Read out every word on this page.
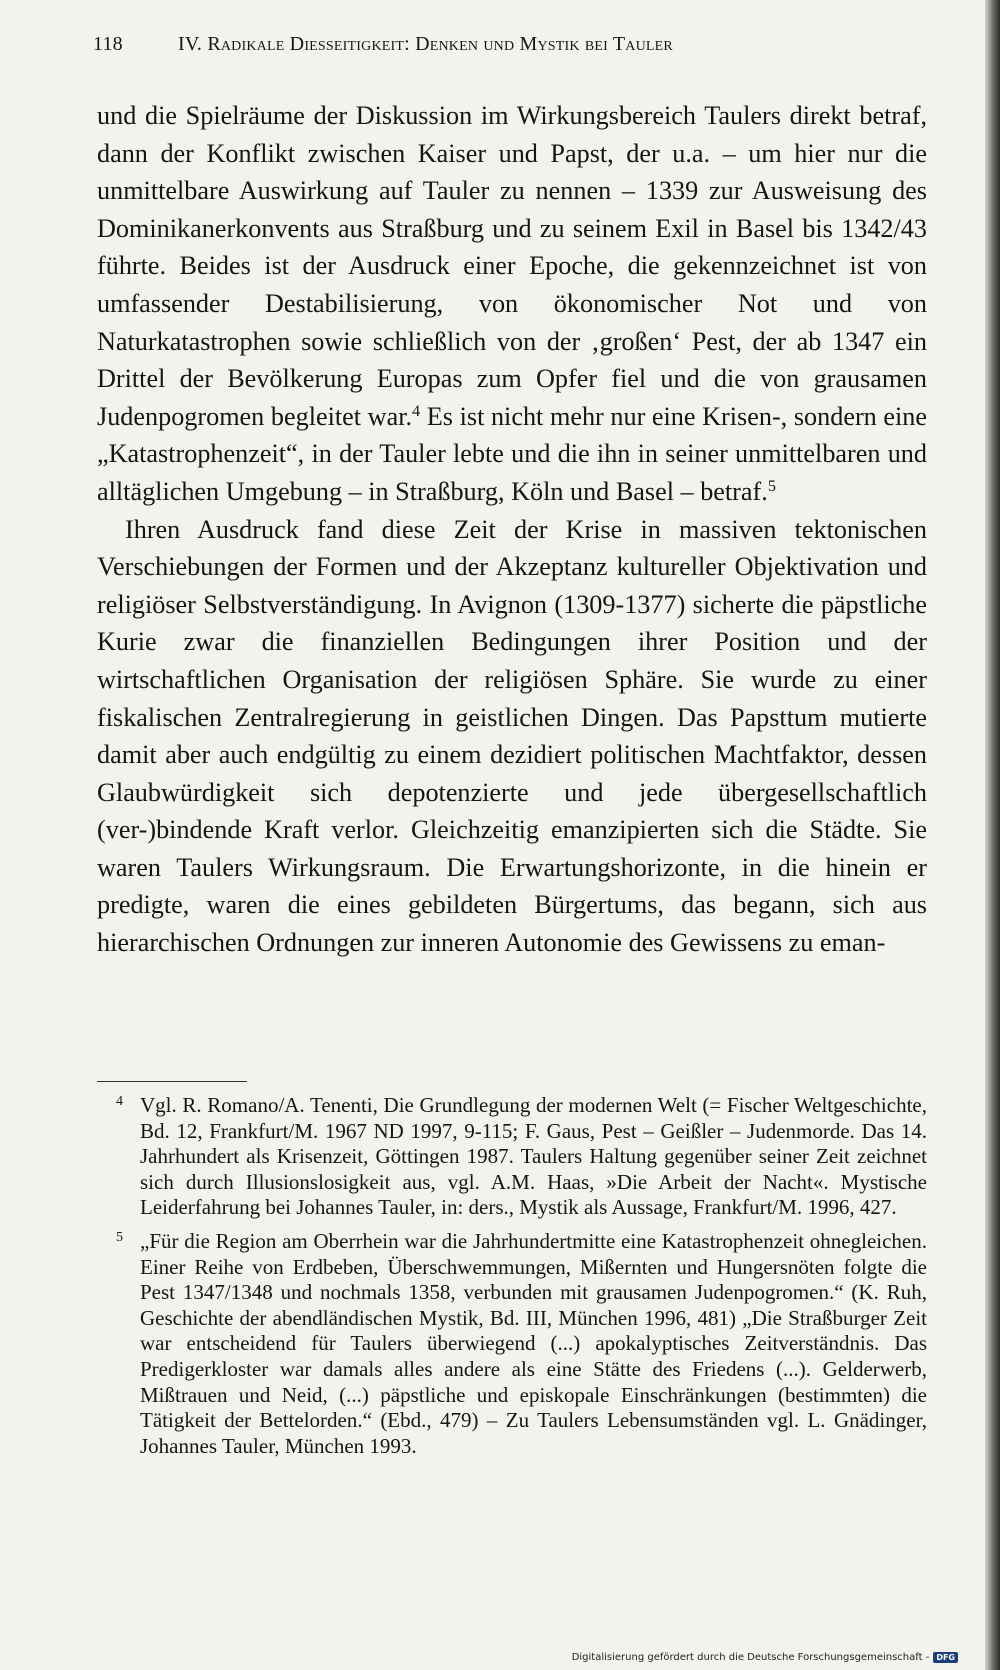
118	IV. Radikale Diesseitigkeit: Denken und Mystik bei Tauler

und die Spielräume der Diskussion im Wirkungsbereich Taulers direkt betraf, dann der Konflikt zwischen Kaiser und Papst, der u.a. – um hier nur die unmittelbare Auswirkung auf Tauler zu nennen – 1339 zur Ausweisung des Dominikanerkonvents aus Straßburg und zu seinem Exil in Basel bis 1342/43 führte. Beides ist der Ausdruck einer Epoche, die gekennzeichnet ist von umfassender Destabilisierung, von ökonomischer Not und von Naturkatastrophen sowie schließlich von der ‚großen‘ Pest, der ab 1347 ein Drittel der Bevölkerung Europas zum Opfer fiel und die von grausamen Judenpogromen begleitet war.$^4$ Es ist nicht mehr nur eine Krisen-, sondern eine „Katastrophenzeit“, in der Tauler lebte und die ihn in seiner unmittelbaren und alltäglichen Umgebung – in Straßburg, Köln und Basel – betraf.$^5$

Ihren Ausdruck fand diese Zeit der Krise in massiven tektonischen Verschiebungen der Formen und der Akzeptanz kultureller Objektivation und religiöser Selbstverständigung. In Avignon (1309-1377) sicherte die päpstliche Kurie zwar die finanziellen Bedingungen ihrer Position und der wirtschaftlichen Organisation der religiösen Sphäre. Sie wurde zu einer fiskalischen Zentralregierung in geistlichen Dingen. Das Papsttum mutierte damit aber auch endgültig zu einem dezidiert politischen Machtfaktor, dessen Glaubwürdigkeit sich depotenzierte und jede übergesellschaftlich (ver-)bindende Kraft verlor. Gleichzeitig emanzipierten sich die Städte. Sie waren Taulers Wirkungsraum. Die Erwartungshorizonte, in die hinein er predigte, waren die eines gebildeten Bürgertums, das begann, sich aus hierarchischen Ordnungen zur inneren Autonomie des Gewissens zu eman-

4 Vgl. R. Romano/A. Tenenti, Die Grundlegung der modernen Welt (= Fischer Weltgeschichte, Bd. 12, Frankfurt/M. 1967 ND 1997, 9-115; F. Gaus, Pest – Geißler – Judenmorde. Das 14. Jahrhundert als Krisenzeit, Göttingen 1987. Taulers Haltung gegenüber seiner Zeit zeichnet sich durch Illusionslosigkeit aus, vgl. A.M. Haas, »Die Arbeit der Nacht«. Mystische Leiderfahrung bei Johannes Tauler, in: ders., Mystik als Aussage, Frankfurt/M. 1996, 427.
5 „Für die Region am Oberrhein war die Jahrhundertmitte eine Katastrophenzeit ohnegleichen. Einer Reihe von Erdbeben, Überschwemmungen, Mißernten und Hungersnöten folgte die Pest 1347/1348 und nochmals 1358, verbunden mit grausamen Judenpogromen.“ (K. Ruh, Geschichte der abendländischen Mystik, Bd. III, München 1996, 481) „Die Straßburger Zeit war entscheidend für Taulers überwiegend (...) apokalyptisches Zeitverständnis. Das Predigerkloster war damals alles andere als eine Stätte des Friedens (...). Gelderwerb, Mißtrauen und Neid, (...) päpstliche und episkopale Einschränkungen (bestimmten) die Tätigkeit der Bettelorden.“ (Ebd., 479) – Zu Taulers Lebensumständen vgl. L. Gnädinger, Johannes Tauler, München 1993.
Digitalisierung gefördert durch die Deutsche Forschungsgemeinschaft - DFG
